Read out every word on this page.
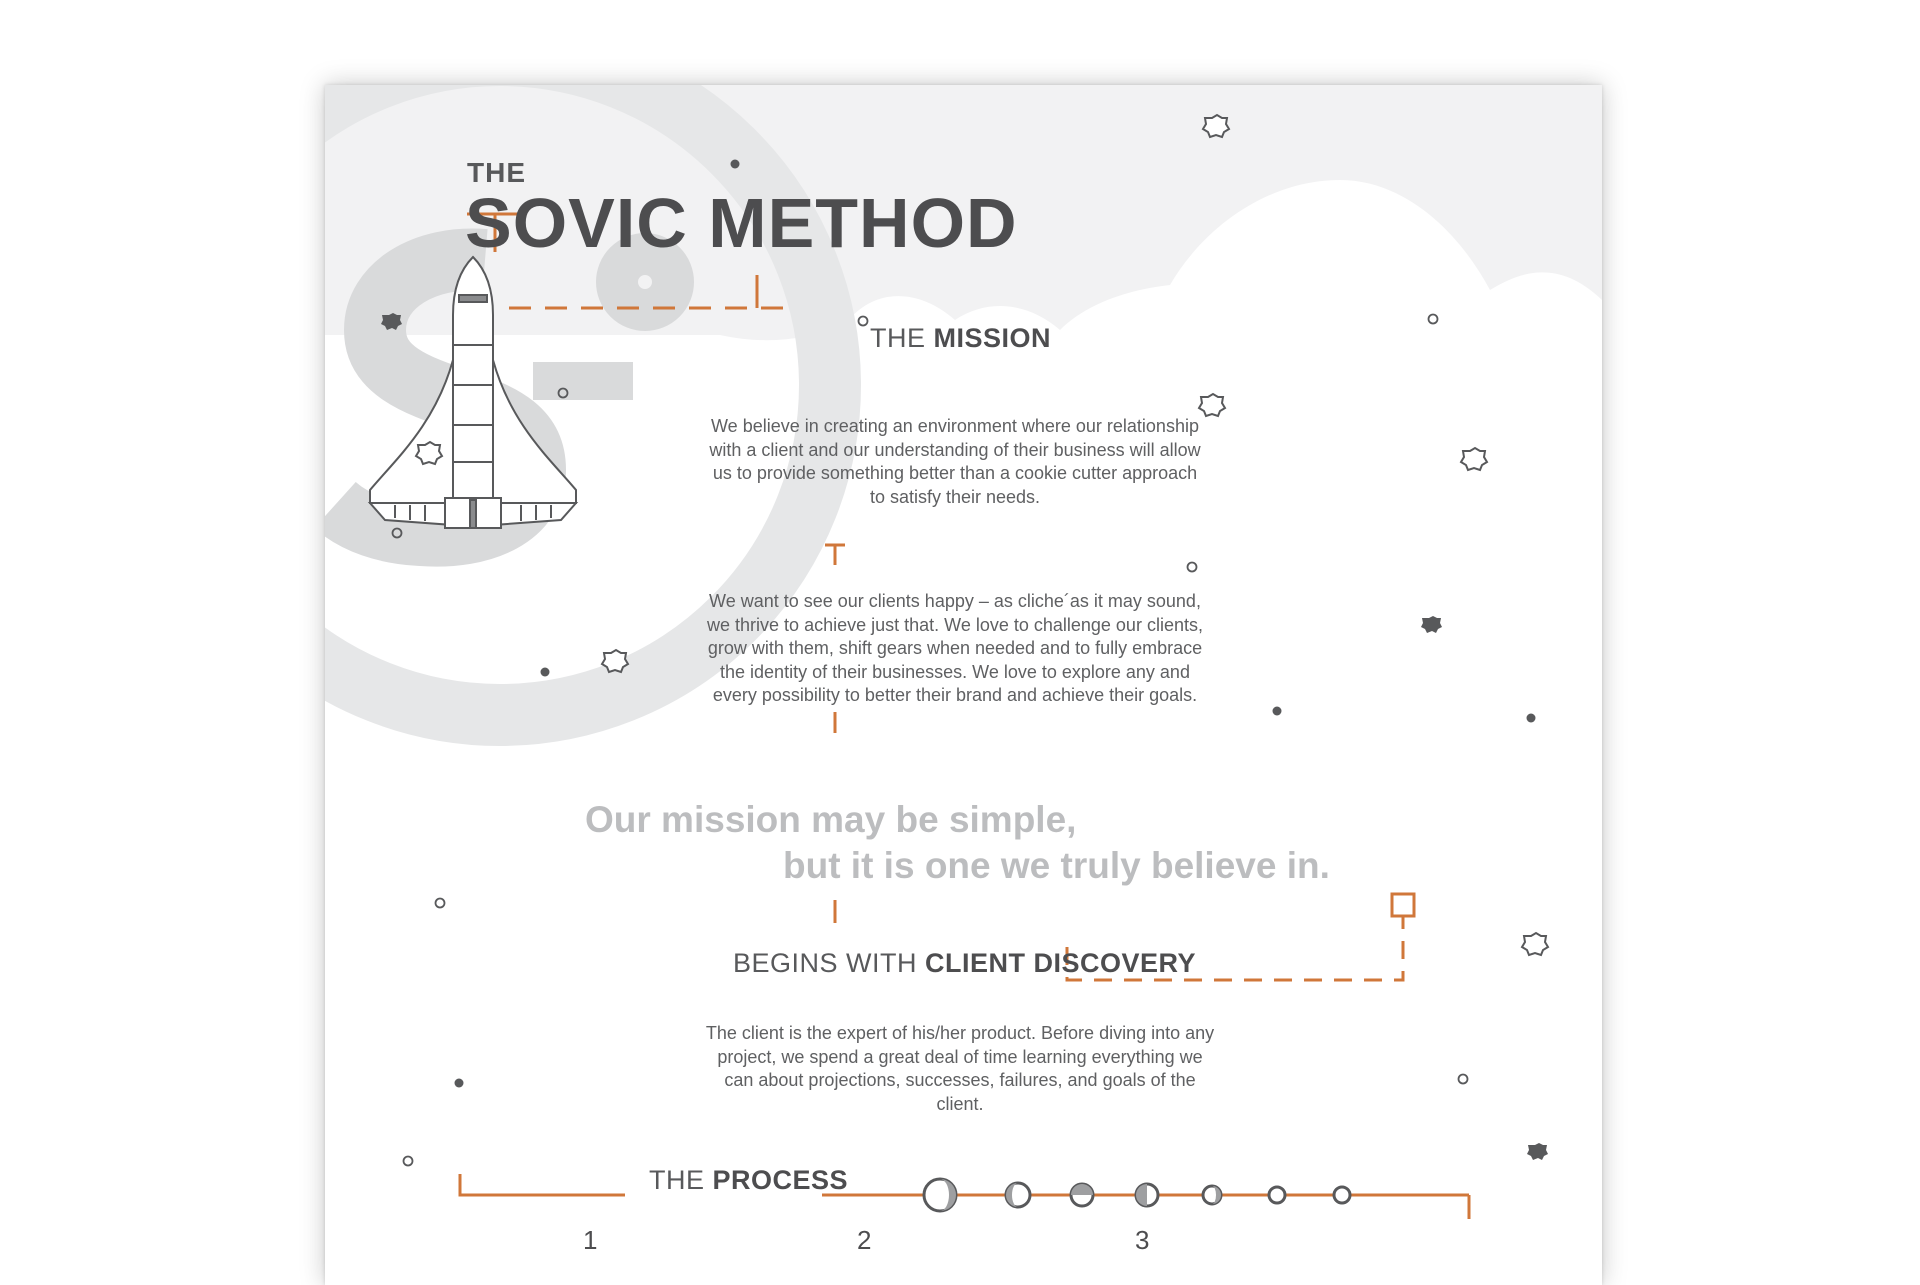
THE
SOVIC METHOD
THE MISSION

We believe in creating an environment where our relationship with a client and our understanding of their business will allow us to provide something better than a cookie cutter approach to satisfy their needs.

We want to see our clients happy – as cliche´as it may sound, we thrive to achieve just that. We love to challenge our clients, grow with them, shift gears when needed and to fully embrace the identity of their businesses. We love to explore any and every possibility to better their brand and achieve their goals.

Our mission may be simple,
but it is one we truly believe in.
BEGINS WITH CLIENT DISCOVERY

The client is the expert of his/her product. Before diving into any project, we spend a great deal of time learning everything we can about projections, successes, failures, and goals of the client.

THE PROCESS
1	2	3
